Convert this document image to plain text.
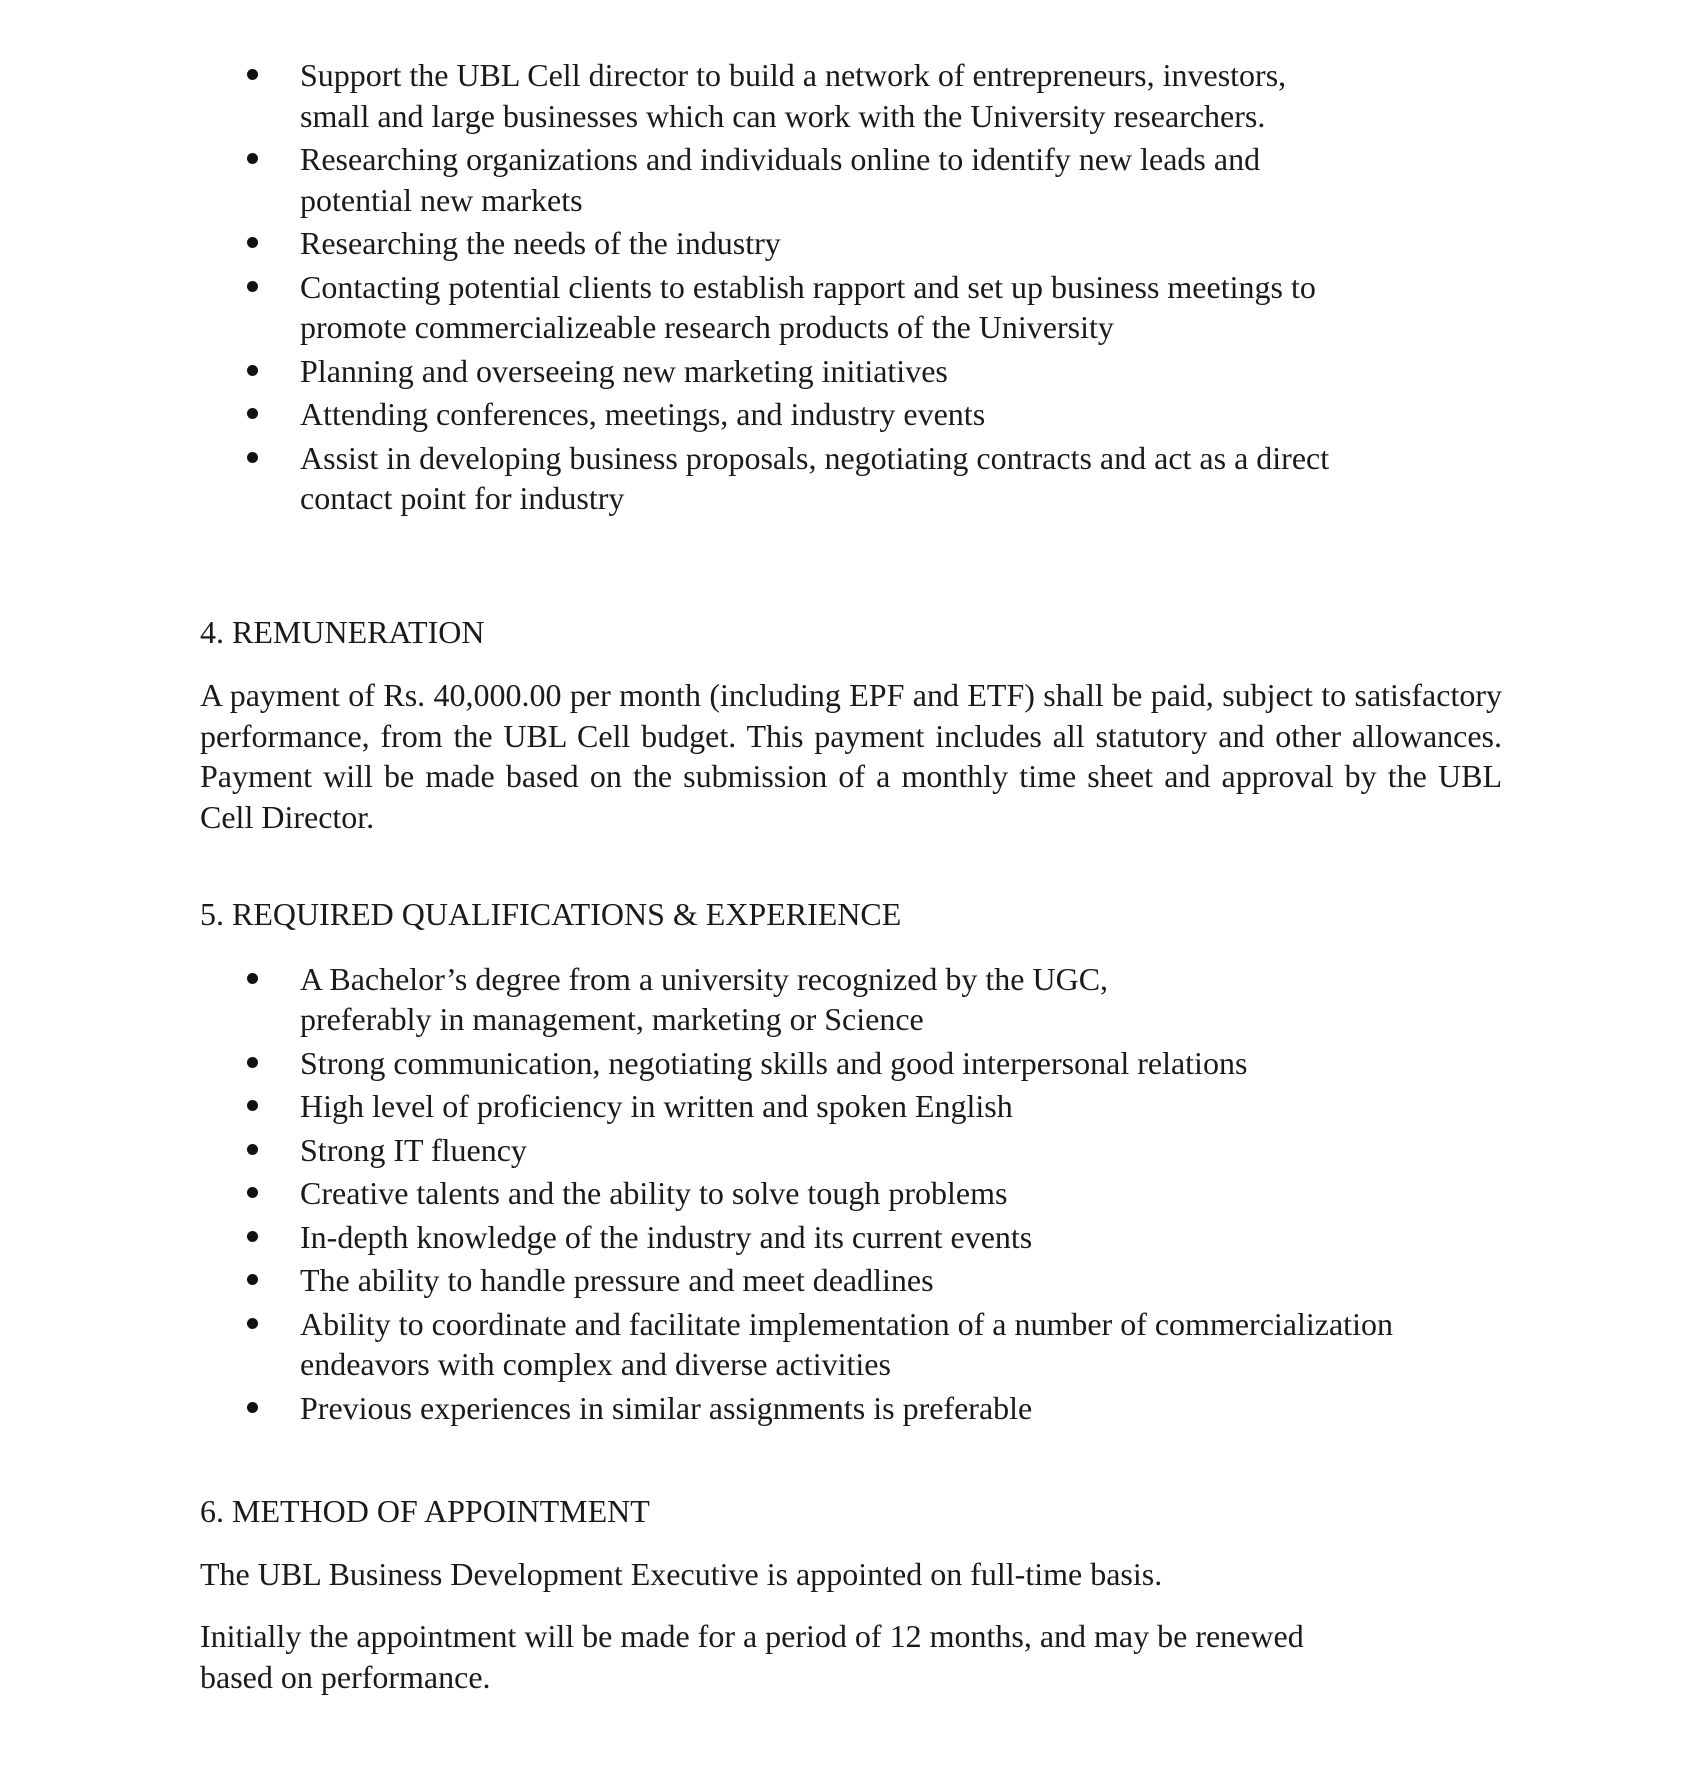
Support the UBL Cell director to build a network of entrepreneurs, investors, small and large businesses which can work with the University researchers.
Researching organizations and individuals online to identify new leads and potential new markets
Researching the needs of the industry
Contacting potential clients to establish rapport and set up business meetings to promote commercializeable research products of the University
Planning and overseeing new marketing initiatives
Attending conferences, meetings, and industry events
Assist in developing business proposals, negotiating contracts and act as a direct contact point for industry

4. REMUNERATION

A payment of Rs. 40,000.00 per month (including EPF and ETF) shall be paid, subject to satisfactory performance, from the UBL Cell budget. This payment includes all statutory and other allowances. Payment will be made based on the submission of a monthly time sheet and approval by the UBL Cell Director.

5. REQUIRED QUALIFICATIONS & EXPERIENCE

A Bachelor’s degree from a university recognized by the UGC, preferably in management, marketing or Science
Strong communication, negotiating skills and good interpersonal relations
High level of proficiency in written and spoken English
Strong IT fluency
Creative talents and the ability to solve tough problems
In-depth knowledge of the industry and its current events
The ability to handle pressure and meet deadlines
Ability to coordinate and facilitate implementation of a number of commercialization endeavors with complex and diverse activities
Previous experiences in similar assignments is preferable

6. METHOD OF APPOINTMENT

The UBL Business Development Executive is appointed on full-time basis.

Initially the appointment will be made for a period of 12 months, and may be renewed based on performance.
